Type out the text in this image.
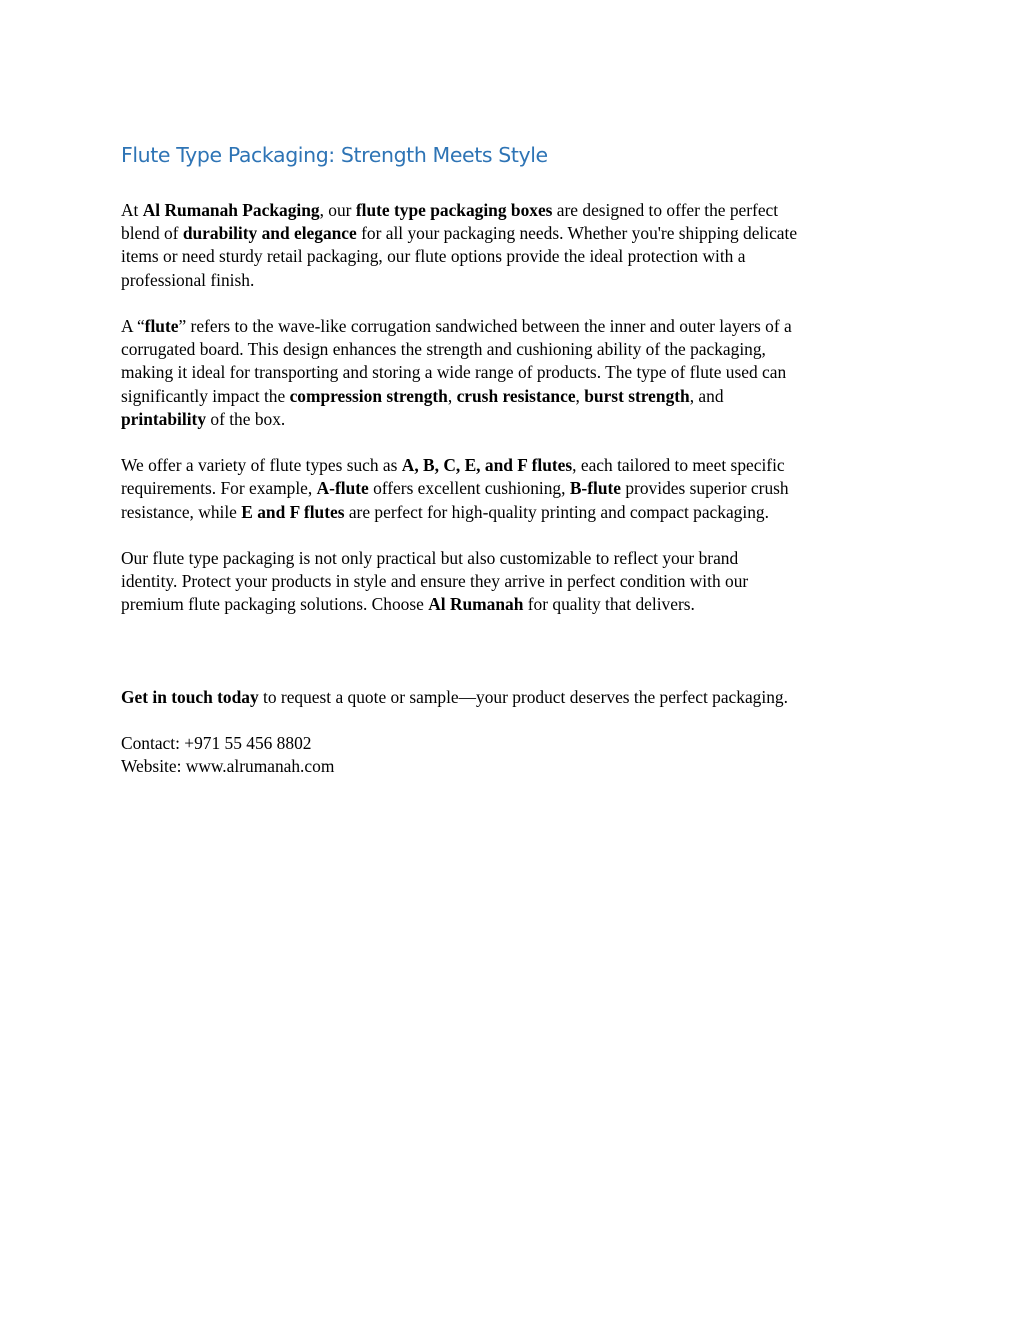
Flute Type Packaging: Strength Meets Style

At Al Rumanah Packaging, our flute type packaging boxes are designed to offer the perfect
blend of durability and elegance for all your packaging needs. Whether you're shipping delicate
items or need sturdy retail packaging, our flute options provide the ideal protection with a
professional finish.

A “flute” refers to the wave-like corrugation sandwiched between the inner and outer layers of a
corrugated board. This design enhances the strength and cushioning ability of the packaging,
making it ideal for transporting and storing a wide range of products. The type of flute used can
significantly impact the compression strength, crush resistance, burst strength, and
printability of the box.

We offer a variety of flute types such as A, B, C, E, and F flutes, each tailored to meet specific
requirements. For example, A-flute offers excellent cushioning, B-flute provides superior crush
resistance, while E and F flutes are perfect for high-quality printing and compact packaging.

Our flute type packaging is not only practical but also customizable to reflect your brand
identity. Protect your products in style and ensure they arrive in perfect condition with our
premium flute packaging solutions. Choose Al Rumanah for quality that delivers.

Get in touch today to request a quote or sample—your product deserves the perfect packaging.

Contact: +971 55 456 8802
Website: www.alrumanah.com
